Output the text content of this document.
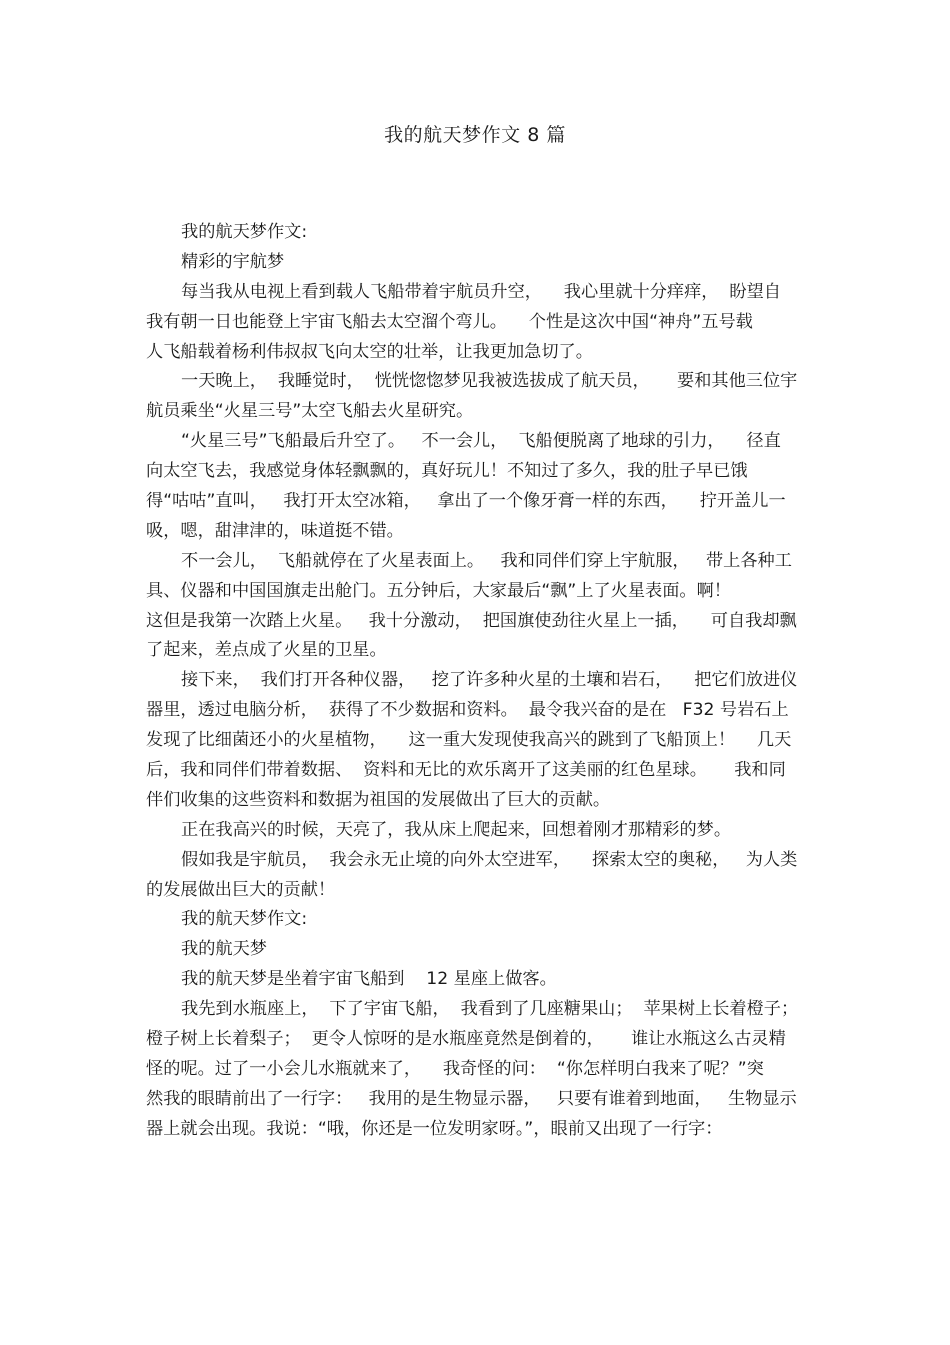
我的航天梦作文 8 篇
我的航天梦作文:
精彩的宇航梦
每当我从电视上看到载人飞船带着宇航员升空，    我心里就十分痒痒，  盼望自
我有朝一日也能登上宇宙飞船去太空溜个弯儿。    个性是这次中国“神舟”五号载
人飞船载着杨利伟叔叔飞向太空的壮举，让我更加急切了。
一天晚上，  我睡觉时，  恍恍惚惚梦见我被选拔成了航天员，     要和其他三位宇
航员乘坐“火星三号”太空飞船去火星研究。
“火星三号”飞船最后升空了。   不一会儿，  飞船便脱离了地球的引力，    径直
向太空飞去，我感觉身体轻飘飘的，真好玩儿！不知过了多久，我的肚子早已饿
得“咕咕”直叫，   我打开太空冰箱，   拿出了一个像牙膏一样的东西，    拧开盖儿一
吸，嗯，甜津津的，味道挺不错。
不一会儿，  飞船就停在了火星表面上。   我和同伴们穿上宇航服，   带上各种工
具、仪器和中国国旗走出舱门。五分钟后，大家最后“飘”上了火星表面。啊！
这但是我第一次踏上火星。   我十分激动，  把国旗使劲往火星上一插，    可自我却飘
了起来，差点成了火星的卫星。
接下来，  我们打开各种仪器，   挖了许多种火星的土壤和岩石，    把它们放进仪
器里，透过电脑分析，  获得了不少数据和资料。  最令我兴奋的是在   F32 号岩石上
发现了比细菌还小的火星植物，    这一重大发现使我高兴的跳到了飞船顶上！    几天
后，我和同伴们带着数据、  资料和无比的欢乐离开了这美丽的红色星球。     我和同
伴们收集的这些资料和数据为祖国的发展做出了巨大的贡献。
正在我高兴的时候，天亮了，我从床上爬起来，回想着刚才那精彩的梦。
假如我是宇航员，  我会永无止境的向外太空进军，    探索太空的奥秘，   为人类
的发展做出巨大的贡献！
我的航天梦作文:
我的航天梦
我的航天梦是坐着宇宙飞船到    12 星座上做客。
我先到水瓶座上，  下了宇宙飞船，  我看到了几座糖果山；  苹果树上长着橙子；
橙子树上长着梨子；  更令人惊呀的是水瓶座竟然是倒着的，     谁让水瓶这么古灵精
怪的呢。过了一小会儿水瓶就来了，    我奇怪的问：  “你怎样明白我来了呢？”突
然我的眼睛前出了一行字：   我用的是生物显示器，   只要有谁着到地面，   生物显示
器上就会出现。我说：“哦，你还是一位发明家呀。”，眼前又出现了一行字：
